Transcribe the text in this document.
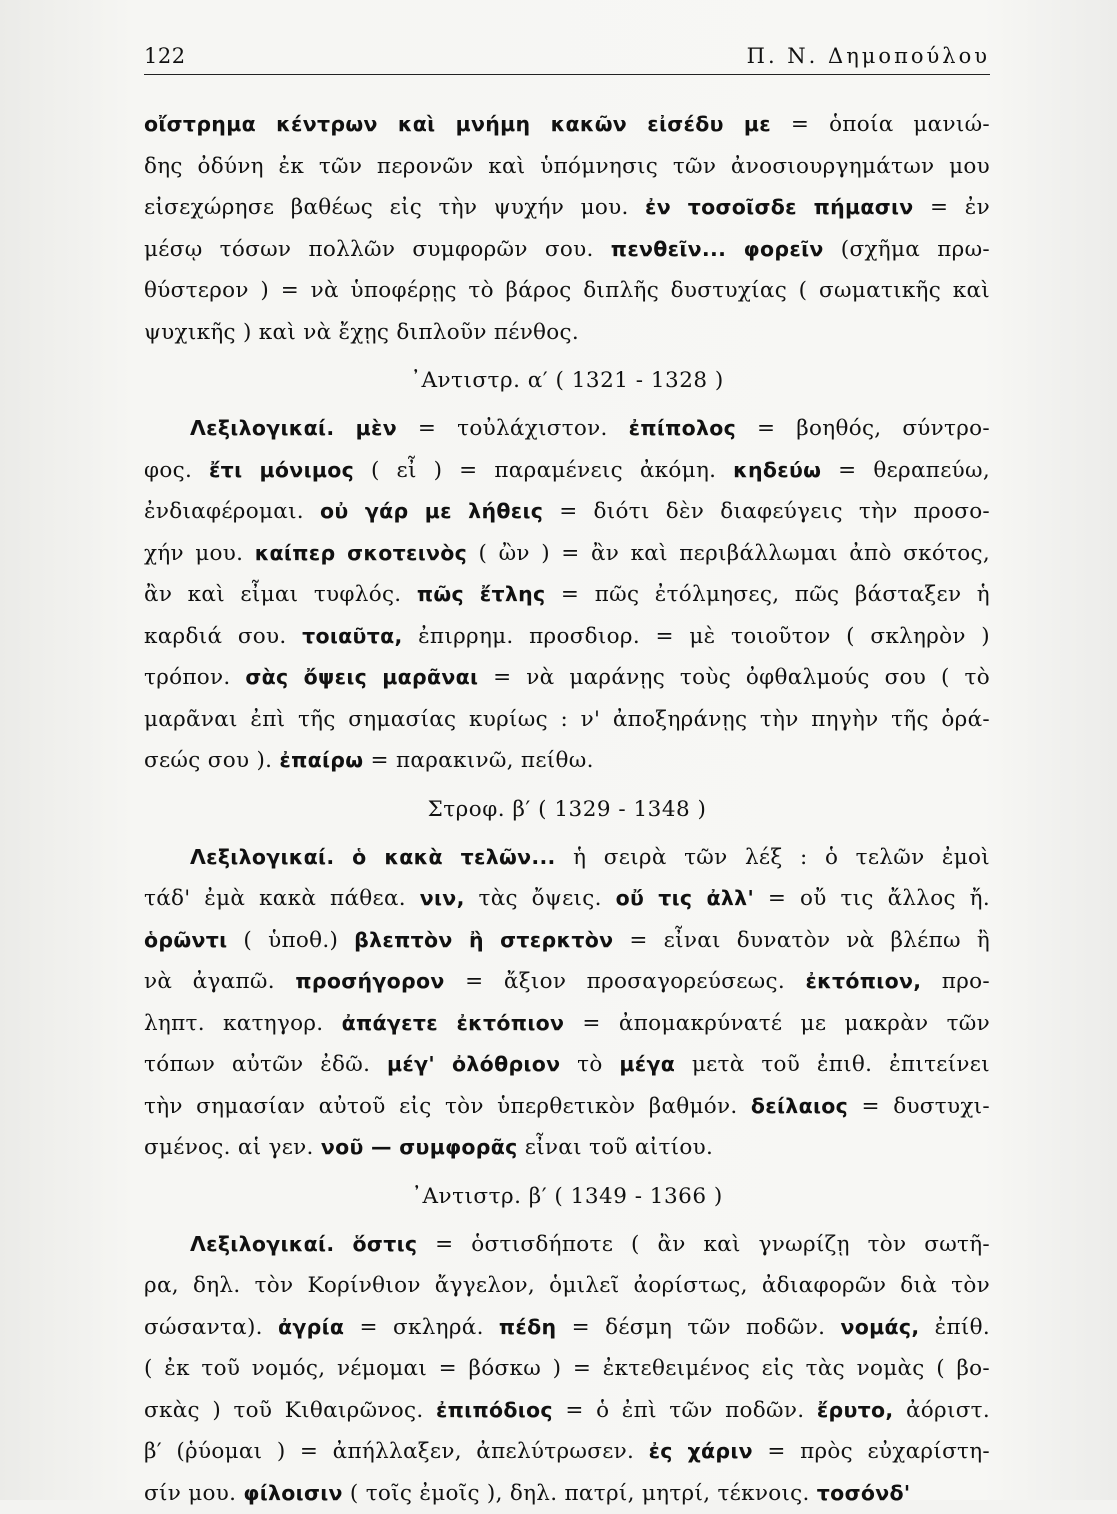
122	Π. Ν. Δημοπούλου
οἴστρημα κέντρων καὶ μνήμη κακῶν εἰσέδυ με = ὁποία μανιώ-
δης ὀδύνη ἐκ τῶν περονῶν καὶ ὑπόμνησις τῶν ἀνοσιουργημάτων μου
εἰσεχώρησε βαθέως εἰς τὴν ψυχήν μου. ἐν τοσοῖσδε πήμασιν = ἐν
μέσῳ τόσων πολλῶν συμφορῶν σου. πενθεῖν... φορεῖν (σχῆμα πρω-
θύστερον ) = νὰ ὑποφέρῃς τὸ βάρος διπλῆς δυστυχίας ( σωματικῆς καὶ
ψυχικῆς ) καὶ νὰ ἔχῃς διπλοῦν πένθος.
᾿Αντιστρ. α′ ( 1321 - 1328 )
Λεξιλογικαί. μὲν = τοὐλάχιστον. ἐπίπολος = βοηθός, σύντρο-
φος. ἔτι μόνιμος ( εἶ ) = παραμένεις ἀκόμη. κηδεύω = θεραπεύω,
ἐνδιαφέρομαι. οὐ γάρ με λήθεις = διότι δὲν διαφεύγεις τὴν προσο-
χήν μου. καίπερ σκοτεινὸς ( ὢν ) = ἂν καὶ περιβάλλωμαι ἀπὸ σκότος,
ἂν καὶ εἶμαι τυφλός. πῶς ἔτλης = πῶς ἐτόλμησες, πῶς βάσταξεν ἡ
καρδιά σου. τοιαῦτα, ἐπιρρημ. προσδιορ. = μὲ τοιοῦτον ( σκληρὸν )
τρόπον. σὰς ὄψεις μαρᾶναι = νὰ μαράνῃς τοὺς ὀφθαλμούς σου ( τὸ
μαρᾶναι ἐπὶ τῆς σημασίας κυρίως : ν' ἀποξηράνῃς τὴν πηγὴν τῆς ὁρά-
σεώς σου ). ἐπαίρω = παρακινῶ, πείθω.
Στροφ. β′ ( 1329 - 1348 )
Λεξιλογικαί. ὁ κακὰ τελῶν... ἡ σειρὰ τῶν λέξ : ὁ τελῶν ἐμοὶ
τάδ' ἐμὰ κακὰ πάθεα. νιν, τὰς ὄψεις. οὔ τις ἀλλ' = οὔ τις ἄλλος ἤ.
ὁρῶντι ( ὑποθ.) βλεπτὸν ἢ στερκτὸν = εἶναι δυνατὸν νὰ βλέπω ἢ
νὰ ἀγαπῶ. προσήγορον = ἄξιον προσαγορεύσεως. ἐκτόπιον, προ-
ληπτ. κατηγορ. ἀπάγετε ἐκτόπιον = ἀπομακρύνατέ με μακρὰν τῶν
τόπων αὐτῶν ἐδῶ. μέγ' ὀλόθριον τὸ μέγα μετὰ τοῦ ἐπιθ. ἐπιτείνει
τὴν σημασίαν αὐτοῦ εἰς τὸν ὑπερθετικὸν βαθμόν. δείλαιος = δυστυχι-
σμένος. αἱ γεν. νοῦ — συμφορᾶς εἶναι τοῦ αἰτίου.
᾿Αντιστρ. β′ ( 1349 - 1366 )
Λεξιλογικαί. ὅστις = ὁστισδήποτε ( ἂν καὶ γνωρίζῃ τὸν σωτῆ-
ρα, δηλ. τὸν Κορίνθιον ἄγγελον, ὁμιλεῖ ἀορίστως, ἀδιαφορῶν διὰ τὸν
σώσαντα). ἀγρία = σκληρά. πέδη = δέσμη τῶν ποδῶν. νομάς, ἐπίθ.
( ἐκ τοῦ νομός, νέμομαι = βόσκω ) = ἐκτεθειμένος εἰς τὰς νομὰς ( βο-
σκὰς ) τοῦ Κιθαιρῶνος. ἐπιπόδιος = ὁ ἐπὶ τῶν ποδῶν. ἔρυτο, ἀόριστ.
β′ (ῥύομαι ) = ἀπήλλαξεν, ἀπελύτρωσεν. ἐς χάριν = πρὸς εὐχαρίστη-
σίν μου. φίλοισιν ( τοῖς ἐμοῖς ), δηλ. πατρί, μητρί, τέκνοις. τοσόνδ'
